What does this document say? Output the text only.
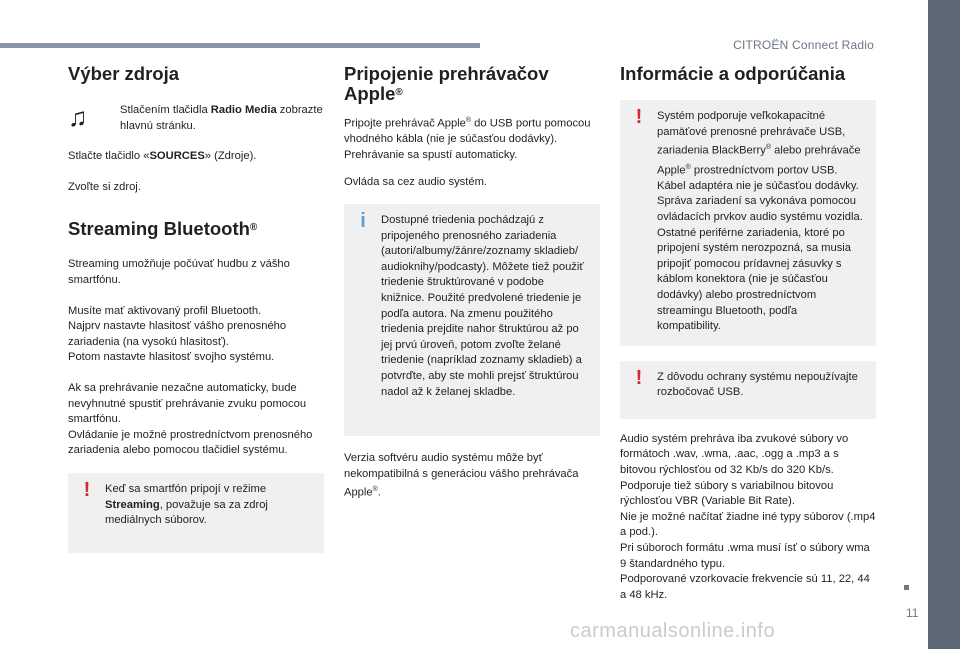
CITROËN Connect Radio
Výber zdroja
♫	Stlačením tlačidla Radio Media zobrazte hlavnú stránku.

Stlačte tlačidlo «SOURCES» (Zdroje).

Zvoľte si zdroj.

Streaming Bluetooth®

Streaming umožňuje počúvať hudbu z vášho smartfónu.

Musíte mať aktivovaný profil Bluetooth.

Najprv nastavte hlasitosť vášho prenosného zariadenia (na vysokú hlasitosť).

Potom nastavte hlasitosť svojho systému.

Ak sa prehrávanie nezačne automaticky, bude nevyhnutné spustiť prehrávanie zvuku pomocou smartfónu.

Ovládanie je možné prostredníctvom prenosného zariadenia alebo pomocou tlačidiel systému.

!	Keď sa smartfón pripojí v režime Streaming, považuje sa za zdroj mediálnych súborov.

Pripojenie prehrávačov Apple®

Pripojte prehrávač Apple® do USB portu pomocou vhodného kábla (nie je súčasťou dodávky).

Prehrávanie sa spustí automaticky.

Ovláda sa cez audio systém.

i	Dostupné triedenia pochádzajú z pripojeného prenosného zariadenia (autori/albumy/žánre/zoznamy skladieb/ audioknihy/podcasty). Môžete tiež použiť triedenie štruktúrované v podobe knižnice. Použité predvolené triedenie je podľa autora. Na zmenu použitého triedenia prejdite nahor štruktúrou až po jej prvú úroveň, potom zvoľte želané triedenie (napríklad zoznamy skladieb) a potvrďte, aby ste mohli prejsť štruktúrou nadol až k želanej skladbe.

Verzia softvéru audio systému môže byť nekompatibilná s generáciou vášho prehrávača Apple®.

Informácie a odporúčania
!	Systém podporuje veľkokapacitné pamäťové prenosné prehrávače USB, zariadenia BlackBerry® alebo prehrávače Apple® prostredníctvom portov USB. Kábel adaptéra nie je súčasťou dodávky. Správa zariadení sa vykonáva pomocou ovládacích prvkov audio systému vozidla. Ostatné periférne zariadenia, ktoré po pripojení systém nerozpozná, sa musia pripojiť pomocou prídavnej zásuvky s káblom konektora (nie je súčasťou dodávky) alebo prostredníctvom streamingu Bluetooth, podľa kompatibility.

!	Z dôvodu ochrany systému nepoužívajte rozbočovač USB.

Audio systém prehráva iba zvukové súbory vo formátoch .wav, .wma, .aac, .ogg a .mp3 a s bitovou rýchlosťou od 32 Kb/s do 320 Kb/s.

Podporuje tiež súbory s variabilnou bitovou rýchlosťou VBR (Variable Bit Rate).

Nie je možné načítať žiadne iné typy súborov (.mp4 a pod.).

Pri súboroch formátu .wma musí ísť o súbory wma 9 štandardného typu.

Podporované vzorkovacie frekvencie sú 11, 22, 44 a 48 kHz.

11
carmanualsonline.info
